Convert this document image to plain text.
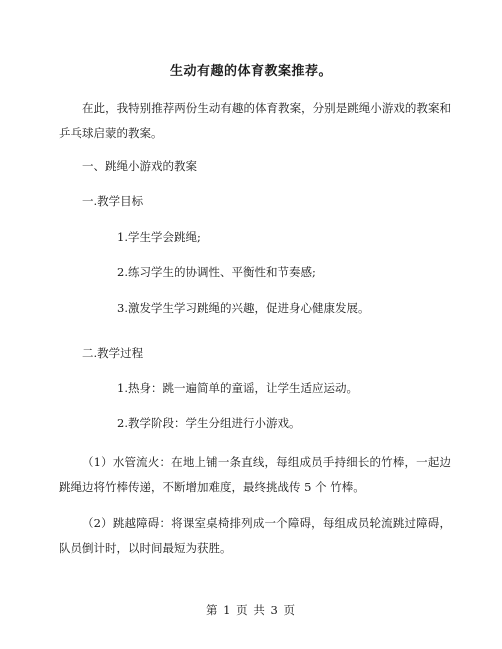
生动有趣的体育教案推荐。

在此，我特别推荐两份生动有趣的体育教案，分别是跳绳小游戏的教案和乒乓球启蒙的教案。

一、跳绳小游戏的教案
一.教学目标
1.学生学会跳绳;
2.练习学生的协调性、平衡性和节奏感;
3.激发学生学习跳绳的兴趣，促进身心健康发展。
二.教学过程
1.热身：跳一遍简单的童谣，让学生适应运动。
2.教学阶段：学生分组进行小游戏。

（1）水管流火：在地上铺一条直线，每组成员手持细长的竹棒，一起边跳绳边将竹棒传递，不断增加难度，最终挑战传 5 个 竹棒。

（2）跳越障碍：将课室桌椅排列成一个障碍，每组成员轮流跳过障碍，队员倒计时，以时间最短为获胜。

第 1 页 共 3 页
